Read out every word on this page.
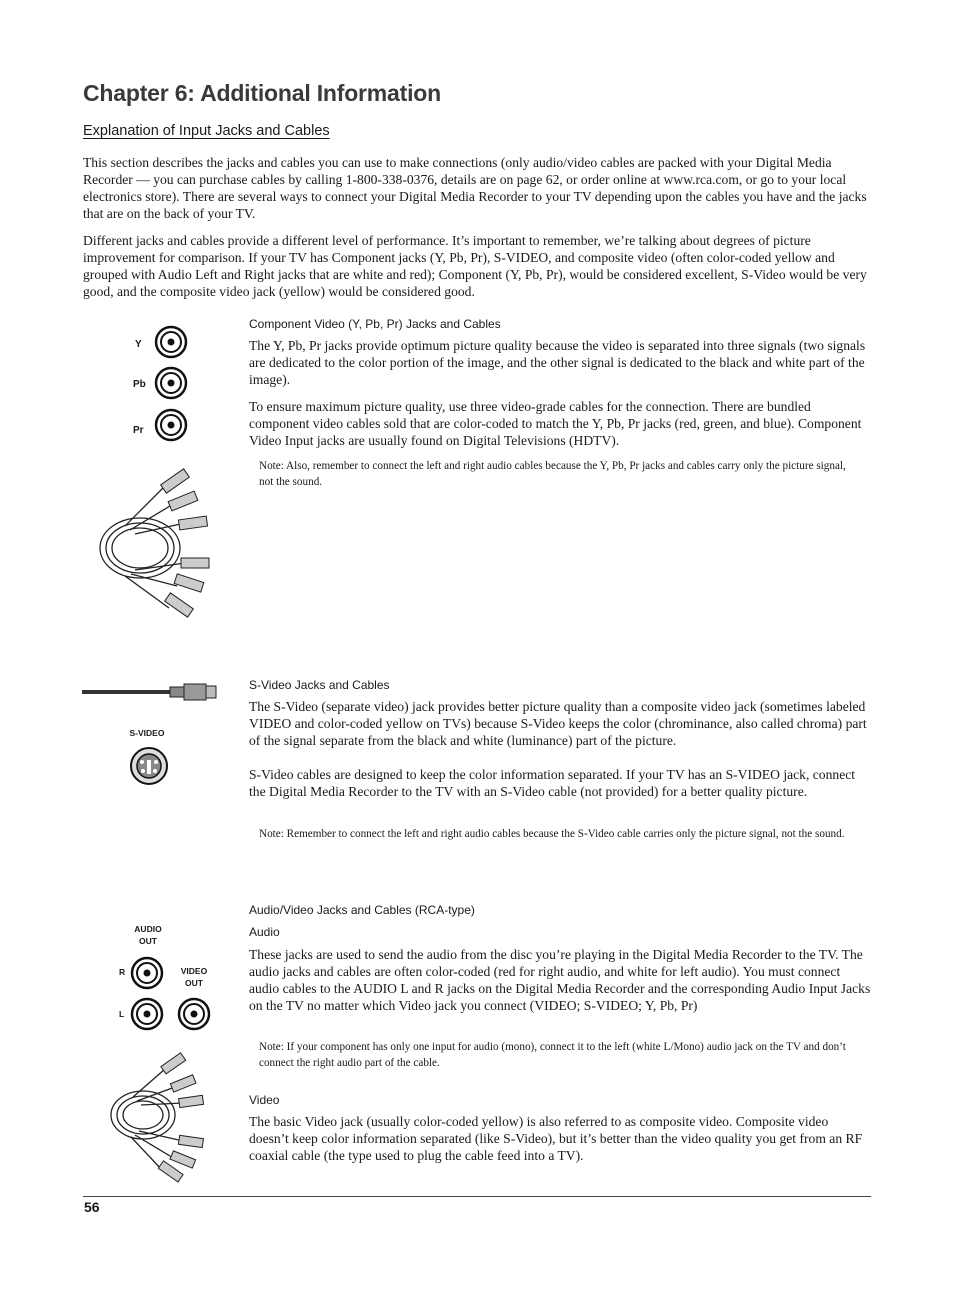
Chapter 6: Additional Information
Explanation of Input Jacks and Cables

This section describes the jacks and cables you can use to make connections (only audio/video cables are packed with your Digital Media Recorder — you can purchase cables by calling 1-800-338-0376, details are on page 62, or order online at www.rca.com, or go to your local electronics store). There are several ways to connect your Digital Media Recorder to your TV depending upon the cables you have and the jacks that are on the back of your TV.

Different jacks and cables provide a different level of performance. It’s important to remember, we’re talking about degrees of picture improvement for comparison. If your TV has Component jacks (Y, Pb, Pr), S-VIDEO, and composite video (often color-coded yellow and grouped with Audio Left and Right jacks that are white and red); Component (Y, Pb, Pr), would be considered excellent, S-Video would be very good, and the composite video jack (yellow) would be considered good.

Y

Pb

Pr

Component Video (Y, Pb, Pr) Jacks and Cables

The Y, Pb, Pr jacks provide optimum picture quality because the video is separated into three signals (two signals are dedicated to the color portion of the image, and the other signal is dedicated to the black and white part of the image).

To ensure maximum picture quality, use three video-grade cables for the connection. There are bundled component video cables sold that are color-coded to match the Y, Pb, Pr jacks (red, green, and blue). Component Video Input jacks are usually found on Digital Televisions (HDTV).

Note: Also, remember to connect the left and right audio cables because the Y, Pb, Pr jacks and cables carry only the picture signal, not the sound.

S-VIDEO

S-Video Jacks and Cables

The S-Video (separate video) jack provides better picture quality than a composite video jack (sometimes labeled VIDEO and color-coded yellow on TVs) because S-Video keeps the color (chrominance, also called chroma) part of the signal separate from the black and white (luminance) part of the picture.

S-Video cables are designed to keep the color information separated. If your TV has an S-VIDEO jack, connect the Digital Media Recorder to the TV with an S-Video cable (not provided) for a better quality picture.

Note: Remember to connect the left and right audio cables because the S-Video cable carries only the picture signal, not the sound.

AUDIO OUT

VIDEO OUT

R

L

Audio/Video Jacks and Cables (RCA-type)

Audio

These jacks are used to send the audio from the disc you’re playing in the Digital Media Recorder to the TV. The audio jacks and cables are often color-coded (red for right audio, and white for left audio). You must connect audio cables to the AUDIO L and R jacks on the Digital Media Recorder and the corresponding Audio Input Jacks on the TV no matter which Video jack you connect (VIDEO; S-VIDEO; Y, Pb, Pr)

Note: If your component has only one input for audio (mono), connect it to the left (white L/Mono) audio jack on the TV and don’t connect the right audio part of the cable.

Video

The basic Video jack (usually color-coded yellow) is also referred to as composite video. Composite video doesn’t keep color information separated (like S-Video), but it’s better than the video quality you get from an RF coaxial cable (the type used to plug the cable feed into a TV).

56
